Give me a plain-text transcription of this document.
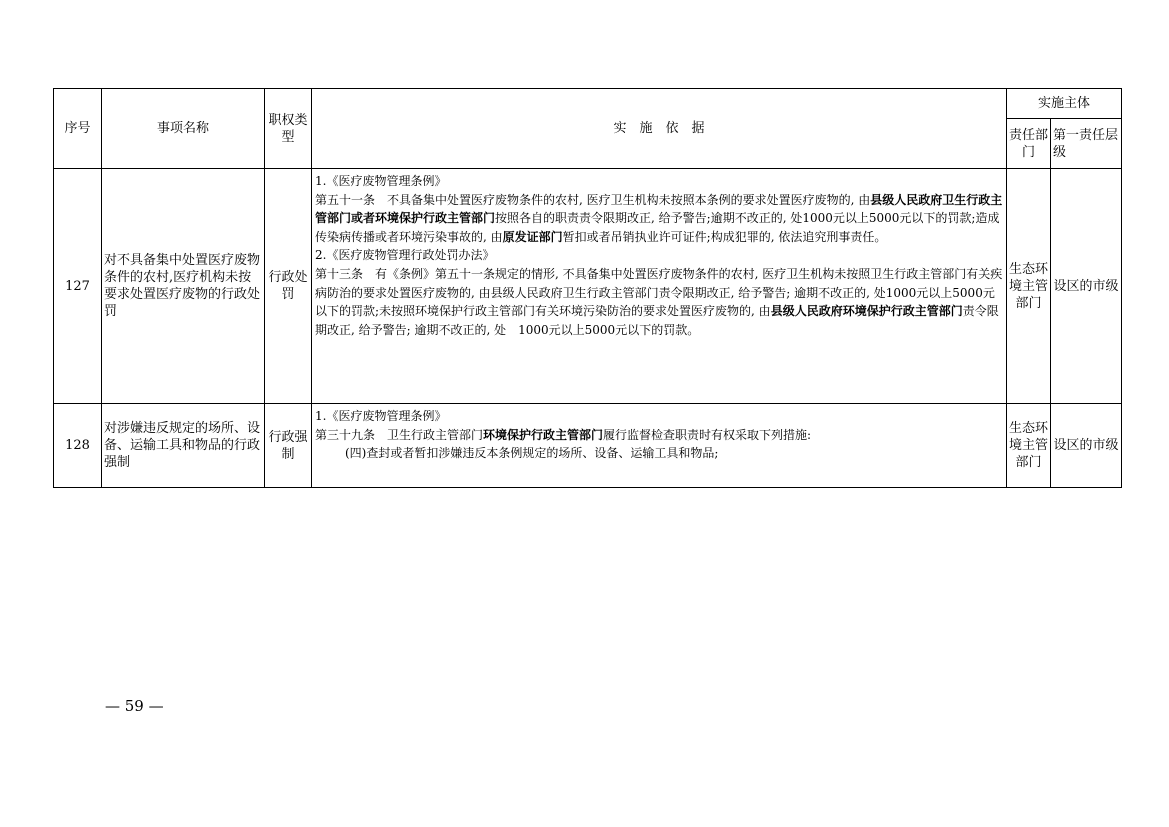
序号	事项名称	职权类型	实　施　依　据	实施主体	
				责任部门	第一责任层级
127	对不具备集中处置医疗废物条件的农村,医疗机构未按要求处置医疗废物的行政处罚	行政处罚	1.《医疗废物管理条例》

第五十一条　不具备集中处置医疗废物条件的农村, 医疗卫生机构未按照本条例的要求处置医疗废物的, 由县级人民政府卫生行政主管部门或者环境保护行政主管部门按照各自的职责责令限期改正, 给予警告;逾期不改正的, 处1000元以上5000元以下的罚款;造成传染病传播或者环境污染事故的, 由原发证部门暂扣或者吊销执业许可证件;构成犯罪的, 依法追究刑事责任。

2.《医疗废物管理行政处罚办法》

第十三条　有《条例》第五十一条规定的情形, 不具备集中处置医疗废物条件的农村, 医疗卫生机构未按照卫生行政主管部门有关疾病防治的要求处置医疗废物的, 由县级人民政府卫生行政主管部门责令限期改正, 给予警告; 逾期不改正的, 处1000元以上5000元以下的罚款;未按照环境保护行政主管部门有关环境污染防治的要求处置医疗废物的, 由县级人民政府环境保护行政主管部门责令限期改正, 给予警告; 逾期不改正的, 处　1000元以上5000元以下的罚款。	生态环境主管部门	设区的市级
128	对涉嫌违反规定的场所、设备、运输工具和物品的行政强制	行政强制	1.《医疗废物管理条例》

第三十九条　卫生行政主管部门环境保护行政主管部门履行监督检查职责时有权采取下列措施:

(四)查封或者暂扣涉嫌违反本条例规定的场所、设备、运输工具和物品;	生态环境主管部门	设区的市级
— 59 —
